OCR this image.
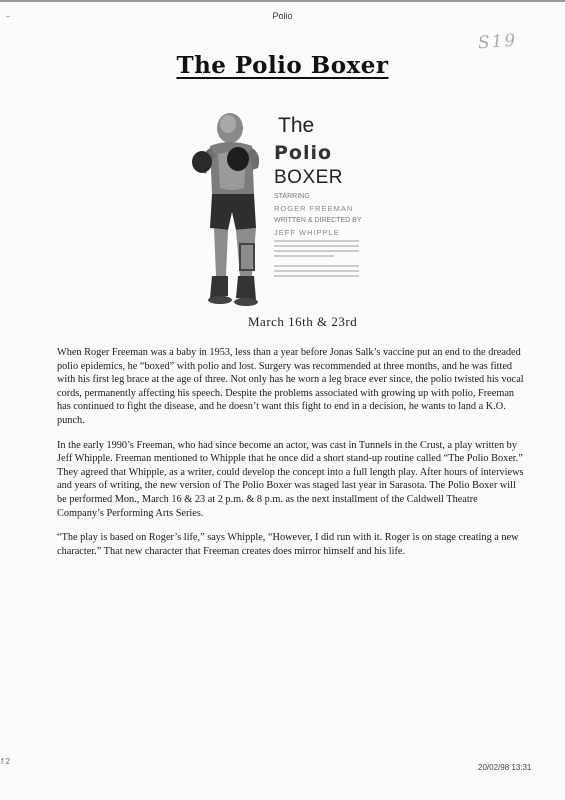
~	Polio
S19
The Polio Boxer
The
Polio
BOXER
STARRING
ROGER FREEMAN
WRITTEN & DIRECTED BY
JEFF WHIPPLE
March 16th & 23rd

When Roger Freeman was a baby in 1953, less than a year before Jonas Salk’s vaccine put an end to the dreaded polio epidemics, he “boxed” with polio and lost. Surgery was recommended at three months, and he was fitted with his first leg brace at the age of three. Not only has he worn a leg brace ever since, the polio twisted his vocal cords, permanently affecting his speech. Despite the problems associated with growing up with polio, Freeman has continued to fight the disease, and he doesn’t want this fight to end in a decision, he wants to land a K.O. punch.

In the early 1990’s Freeman, who had since become an actor, was cast in Tunnels in the Crust, a play written by Jeff Whipple. Freeman mentioned to Whipple that he once did a short stand-up routine called “The Polio Boxer.” They agreed that Whipple, as a writer, could develop the concept into a full length play. After hours of interviews and years of writing, the new version of The Polio Boxer was staged last year in Sarasota. The Polio Boxer will be performed Mon., March 16 & 23 at 2 p.m. & 8 p.m. as the next installment of the Caldwell Theatre Company’s Performing Arts Series.

“The play is based on Roger’s life,” says Whipple, “However, I did run with it. Roger is on stage creating a new character.” That new character that Freeman creates does mirror himself and his life.

f 2
20/02/98 13:31
